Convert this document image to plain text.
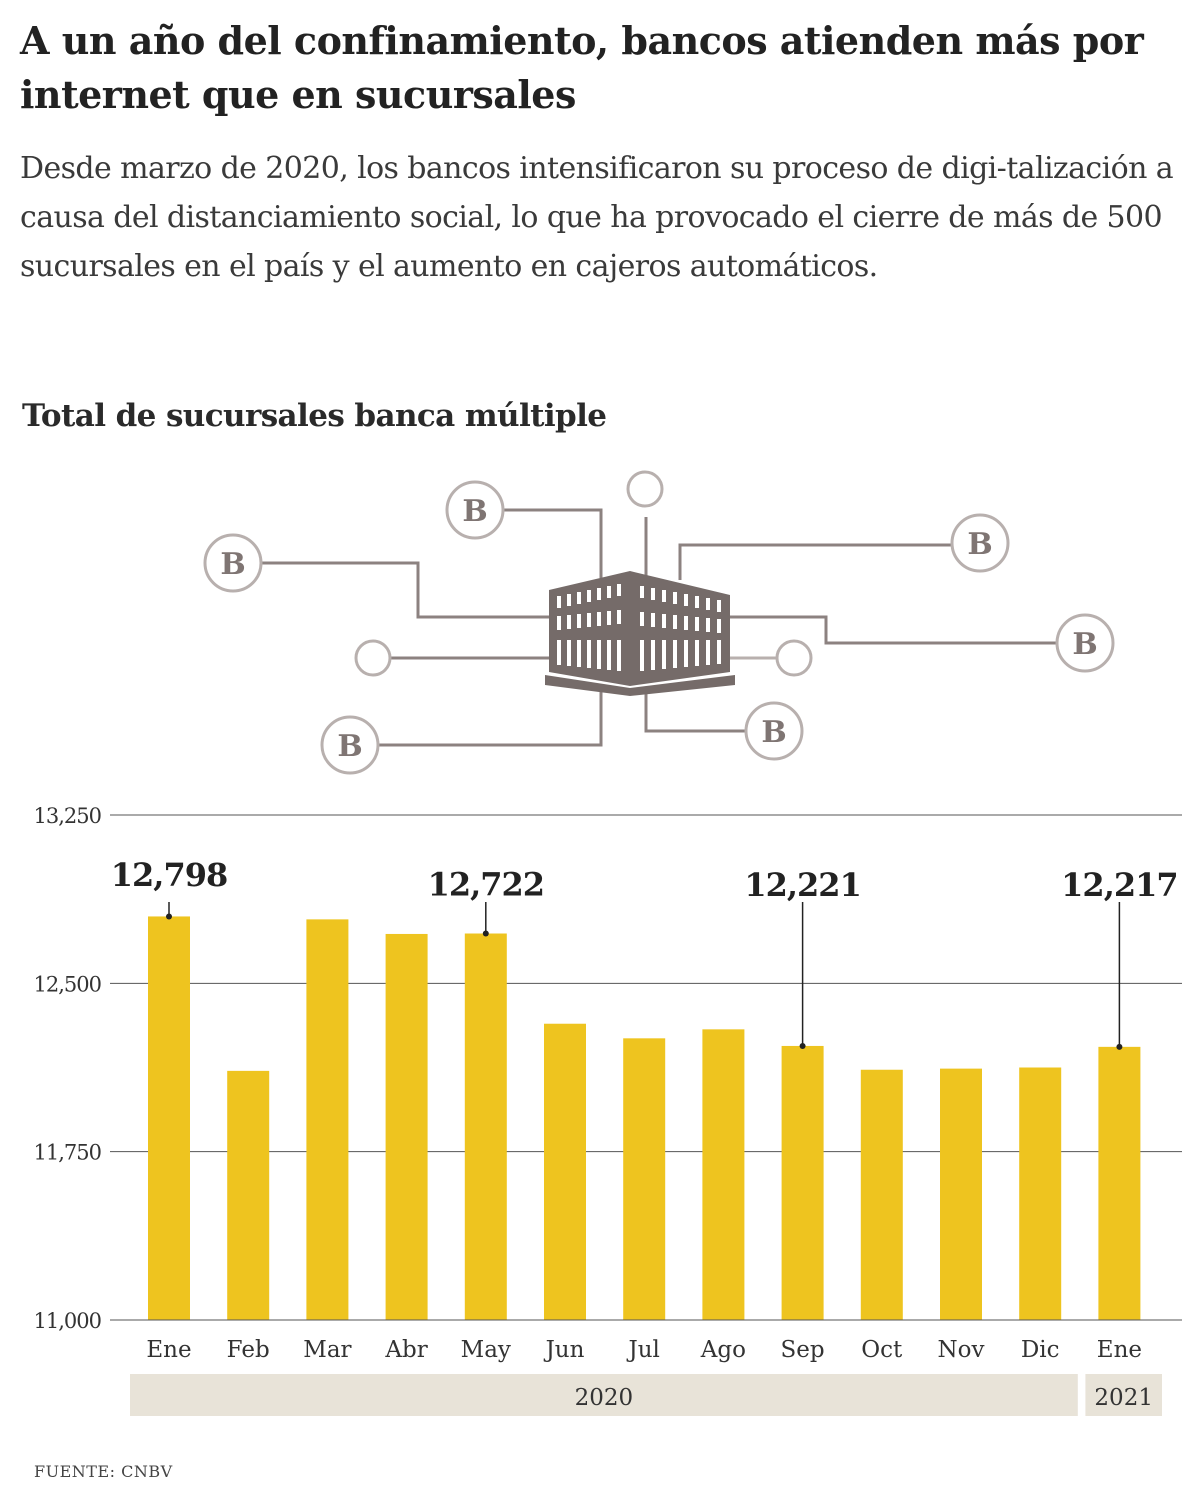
A un año del confinamiento, bancos atienden más por internet que en sucursales

Desde marzo de 2020, los bancos intensificaron su proceso de digi-talización a causa del distanciamiento social, lo que ha provocado el cierre de más de 500 sucursales en el país y el aumento en cajeros automáticos.

Total de sucursales banca múltiple
B
B
B
B
B	B
11,000
11,750
12,500
13,250
Ene Feb Mar Abr May Jun Jul Ago Sep Oct Nov Dic Ene
12,798	12,722	12,221	12,217
2020	2021
FUENTE: CNBV
